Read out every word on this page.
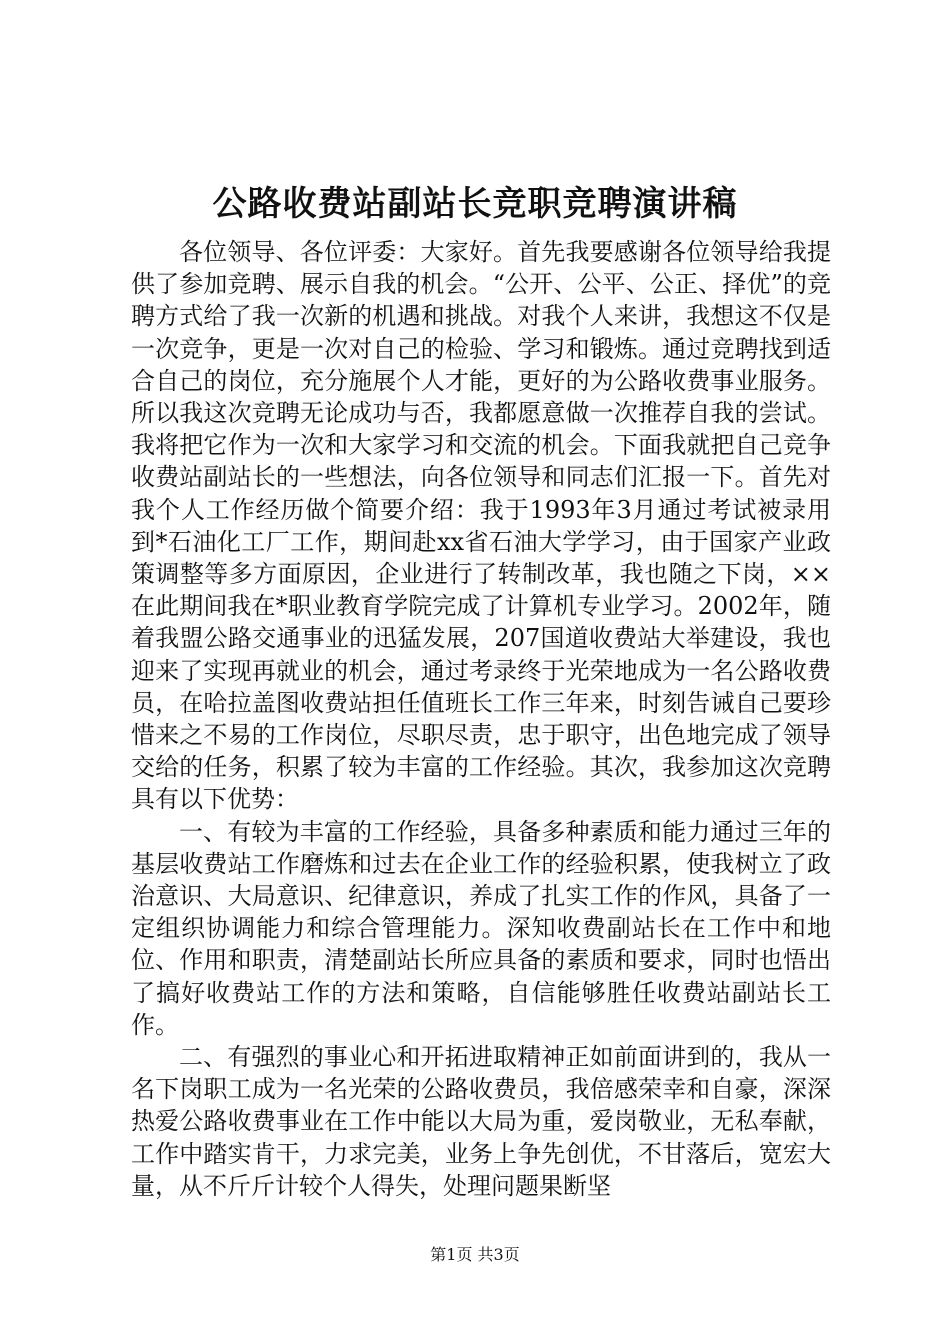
公路收费站副站长竞职竞聘演讲稿

各位领导、各位评委：大家好。首先我要感谢各位领导给我提供了参加竞聘、展示自我的机会。“公开、公平、公正、择优”的竞聘方式给了我一次新的机遇和挑战。对我个人来讲，我想这不仅是一次竞争，更是一次对自己的检验、学习和锻炼。通过竞聘找到适合自己的岗位，充分施展个人才能，更好的为公路收费事业服务。所以我这次竞聘无论成功与否，我都愿意做一次推荐自我的尝试。我将把它作为一次和大家学习和交流的机会。下面我就把自己竞争收费站副站长的一些想法，向各位领导和同志们汇报一下。首先对我个人工作经历做个简要介绍：我于1993年3月通过考试被录用到*石油化工厂工作，期间赴xx省石油大学学习，由于国家产业政策调整等多方面原因，企业进行了转制改革，我也随之下岗，××在此期间我在*职业教育学院完成了计算机专业学习。2002年，随着我盟公路交通事业的迅猛发展，207国道收费站大举建设，我也迎来了实现再就业的机会，通过考录终于光荣地成为一名公路收费员，在哈拉盖图收费站担任值班长工作三年来，时刻告诫自己要珍惜来之不易的工作岗位，尽职尽责，忠于职守，出色地完成了领导交给的任务，积累了较为丰富的工作经验。其次，我参加这次竞聘具有以下优势：

一、有较为丰富的工作经验，具备多种素质和能力通过三年的基层收费站工作磨炼和过去在企业工作的经验积累，使我树立了政治意识、大局意识、纪律意识，养成了扎实工作的作风，具备了一定组织协调能力和综合管理能力。深知收费副站长在工作中和地位、作用和职责，清楚副站长所应具备的素质和要求，同时也悟出了搞好收费站工作的方法和策略，自信能够胜任收费站副站长工作。

二、有强烈的事业心和开拓进取精神正如前面讲到的，我从一名下岗职工成为一名光荣的公路收费员，我倍感荣幸和自豪，深深热爱公路收费事业在工作中能以大局为重，爱岗敬业，无私奉献，工作中踏实肯干，力求完美，业务上争先创优，不甘落后，宽宏大量，从不斤斤计较个人得失，处理问题果断坚

第1页 共3页
